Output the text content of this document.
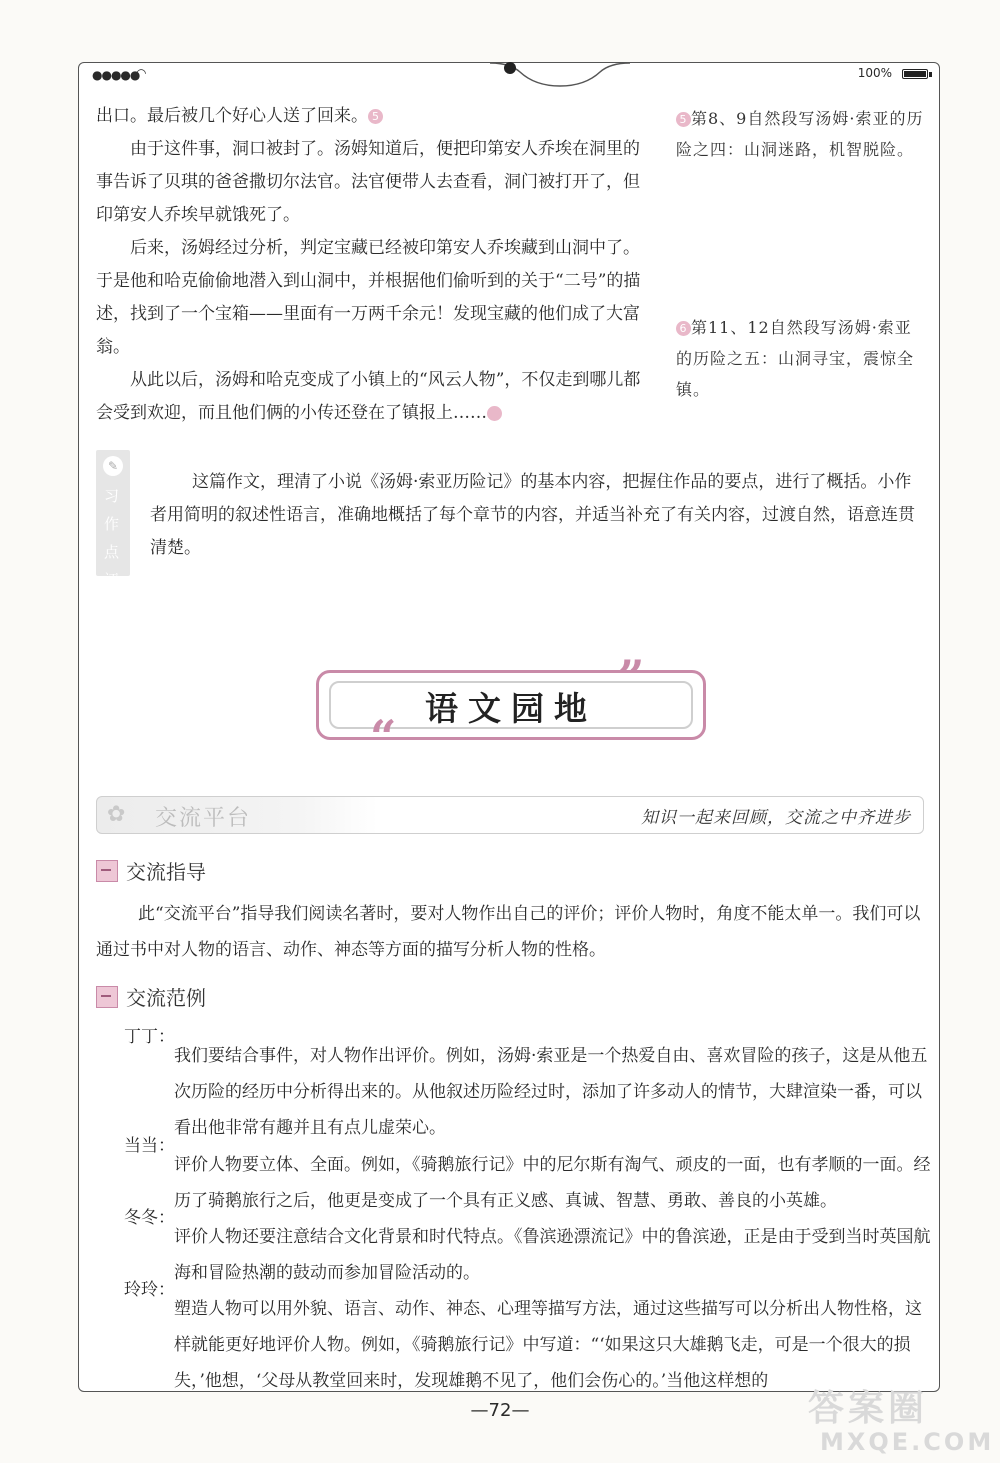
●●●●●
◠	100%

出口。最后被几个好心人送了回来。 5

由于这件事，洞口被封了。汤姆知道后，便把印第安人乔埃在洞里的事告诉了贝琪的爸爸撒切尔法官。法官便带人去查看，洞门被打开了，但印第安人乔埃早就饿死了。

后来，汤姆经过分析，判定宝藏已经被印第安人乔埃藏到山洞中了。于是他和哈克偷偷地潜入到山洞中，并根据他们偷听到的关于“二号”的描述，找到了一个宝箱——里面有一万两千余元！发现宝藏的他们成了大富翁。

从此以后，汤姆和哈克变成了小镇上的“风云人物”，不仅走到哪儿都会受到欢迎，而且他们俩的小传还登在了镇报上……	6

5 第8、9自然段写汤姆·索亚的历险之四：山洞迷路，机智脱险。
6 第11、12自然段写汤姆·索亚的历险之五：山洞寻宝，震惊全镇。
✎
习作点评

这篇作文，理清了小说《汤姆·索亚历险记》的基本内容，把握住作品的要点，进行了概括。小作者用简明的叙述性语言，准确地概括了每个章节的内容，并适当补充了有关内容，过渡自然，语意连贯清楚。

语文园地
”
“
✿ 交流平台	知识一起来回顾，交流之中齐进步
交流指导

此“交流平台”指导我们阅读名著时，要对人物作出自己的评价；评价人物时，角度不能太单一。我们可以通过书中对人物的语言、动作、神态等方面的描写分析人物的性格。

交流范例
丁丁：

我们要结合事件，对人物作出评价。例如，汤姆·索亚是一个热爱自由、喜欢冒险的孩子，这是从他五次历险的经历中分析得出来的。从他叙述历险经过时，添加了许多动人的情节，大肆渲染一番，可以看出他非常有趣并且有点儿虚荣心。

当当：

评价人物要立体、全面。例如，《骑鹅旅行记》中的尼尔斯有淘气、顽皮的一面，也有孝顺的一面。经历了骑鹅旅行之后，他更是变成了一个具有正义感、真诚、智慧、勇敢、善良的小英雄。

冬冬：

评价人物还要注意结合文化背景和时代特点。《鲁滨逊漂流记》中的鲁滨逊，正是由于受到当时英国航海和冒险热潮的鼓动而参加冒险活动的。

玲玲：

塑造人物可以用外貌、语言、动作、神态、心理等描写方法，通过这些描写可以分析出人物性格，这样就能更好地评价人物。例如，《骑鹅旅行记》中写道：“‘如果这只大雄鹅飞走，可是一个很大的损失，’他想，‘父母从教堂回来时，发现雄鹅不见了，他们会伤心的。’当他这样想的

—72—	答案圈
MXQE.COM
